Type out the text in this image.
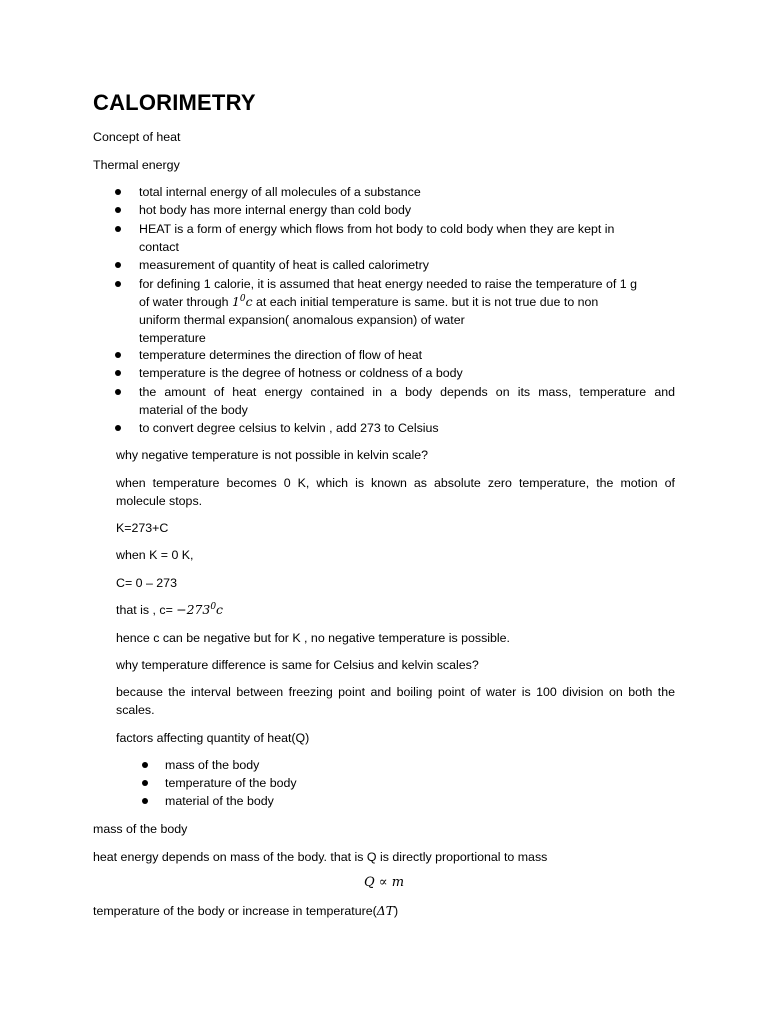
CALORIMETRY
Concept of heat
Thermal energy
total internal energy of all molecules of a substance
hot body has more internal energy than cold body
HEAT is a form of energy which flows from hot body to cold body when they are kept in
contact
measurement of quantity of heat is called calorimetry
for defining 1 calorie, it is assumed that heat energy needed to raise the temperature of 1 g
of water through $1^0c$ at each initial temperature is same. but it is not true due to non
uniform thermal expansion( anomalous expansion) of water
temperature
temperature determines the direction of flow of heat
temperature is the degree of hotness or coldness of a body
the amount of heat energy contained in a body depends on its mass, temperature and
material of the body
to convert degree celsius to kelvin , add 273 to Celsius
why negative temperature is not possible in kelvin scale?
when temperature becomes 0 K, which is known as absolute zero temperature, the motion of
molecule stops.
K=273+C
when K = 0 K,
C= 0 – 273
that is , $c= -273^0c$
hence c can be negative but for K , no negative temperature is possible.
why temperature difference is same for Celsius and kelvin scales?
because the interval between freezing point and boiling point of water is 100 division on both the
scales.
factors affecting quantity of heat(Q)
mass of the body
temperature of the body
material of the body
mass of the body
heat energy depends on mass of the body. that is Q is directly proportional to mass
Q ∝ m
temperature of the body or increase in temperature(ΔT)
